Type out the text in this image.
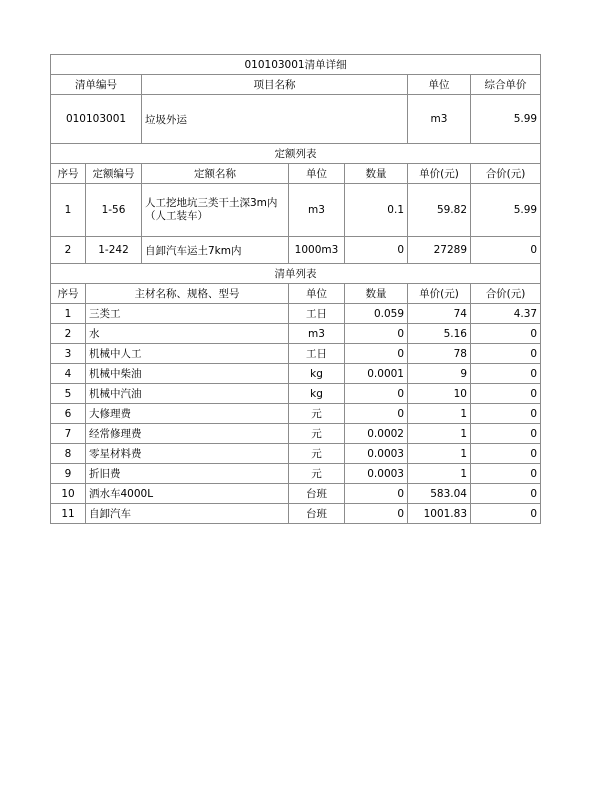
010103001清单详细						
清单编号		项目名称			单位	综合单价
010103001		垃圾外运			m3	5.99
定额列表						
序号	定额编号	定额名称	单位	数量	单价(元)	合价(元)
1	1-56	人工挖地坑三类干土深3m内（人工装车）	m3	0.1	59.82	5.99
2	1-242	自卸汽车运土7km内	1000m3	0	27289	0
清单列表						
序号	主材名称、规格、型号		单位	数量	单价(元)	合价(元)
1	三类工		工日	0.059	74	4.37
2	水		m3	0	5.16	0
3	机械中人工		工日	0	78	0
4	机械中柴油		kg	0.0001	9	0
5	机械中汽油		kg	0	10	0
6	大修理费		元	0	1	0
7	经常修理费		元	0.0002	1	0
8	零星材料费		元	0.0003	1	0
9	折旧费		元	0.0003	1	0
10	洒水车4000L		台班	0	583.04	0
11	自卸汽车		台班	0	1001.83	0
